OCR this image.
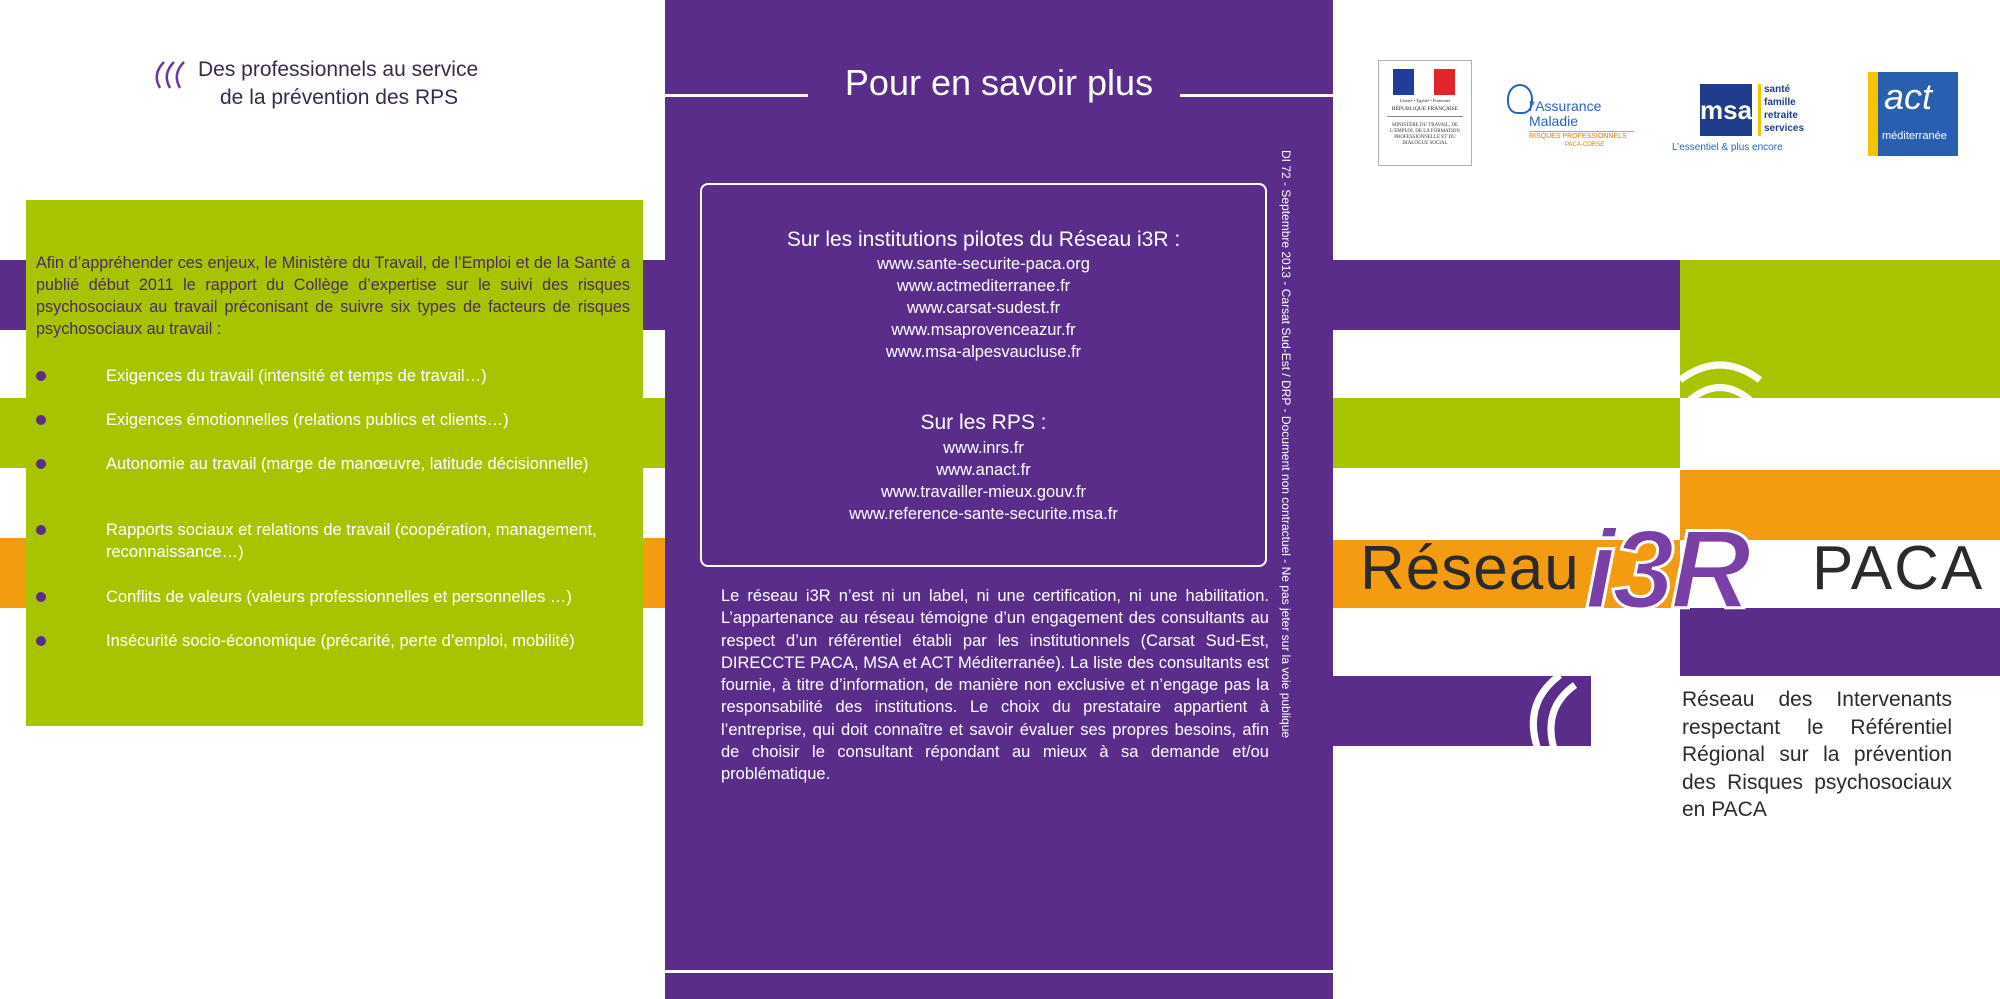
Des professionnels au service
de la prévention des RPS
Afin d’appréhender ces enjeux, le Ministère du Travail, de l’Emploi et de la Santé a publié début 2011 le rapport du Collège d’expertise sur le suivi des risques psychosociaux au travail préconisant de suivre six types de facteurs de risques psychosociaux au travail :
Exigences du travail (intensité et temps de travail…)
Exigences émotionnelles (relations publics et clients…)
Autonomie au travail (marge de manœuvre, latitude décisionnelle)
Rapports sociaux et relations de travail (coopération, management, reconnaissance…)
Conflits de valeurs (valeurs professionnelles et personnelles …)
Insécurité socio-économique (précarité, perte d’emploi, mobilité)
Pour en savoir plus
Sur les institutions pilotes du Réseau i3R :
www.sante-securite-paca.org
www.actmediterranee.fr
www.carsat-sudest.fr
www.msaprovenceazur.fr
www.msa-alpesvaucluse.fr
Sur les RPS :
www.inrs.fr
www.anact.fr
www.travailler-mieux.gouv.fr
www.reference-sante-securite.msa.fr
Le réseau i3R n’est ni un label, ni une certification, ni une habilitation. L’appartenance au réseau témoigne d’un engagement des consultants au respect d’un référentiel établi par les institutionnels (Carsat Sud-Est, DIRECCTE PACA, MSA et ACT Méditerranée). La liste des consultants est fournie, à titre d’information, de manière non exclusive et n’engage pas la responsabilité des institutions. Le choix du prestataire appartient à l’entreprise, qui doit connaître et savoir évaluer ses propres besoins, afin de choisir le consultant répondant au mieux à sa demande et/ou problématique.
DI 72 - Septembre 2013 - Carsat Sud-Est / DRP - Document non contractuel - Ne pas jeter sur la voie publique Réseau i3R PACA
Réseau des Intervenants respectant le Référentiel Régional sur la prévention des Risques psychosociaux en PACA
Liberté • Égalité • Fraternité
RÉPUBLIQUE FRANÇAISE
MINISTÈRE DU TRAVAIL, DE L’EMPLOI, DE LA FORMATION PROFESSIONNELLE ET DU DIALOGUE SOCIAL
l’Assurance
Maladie
RISQUES PROFESSIONNELS
PACA-CORSE
msa
santé
famille
retraite
services
L’essentiel & plus encore
act
méditerranée
